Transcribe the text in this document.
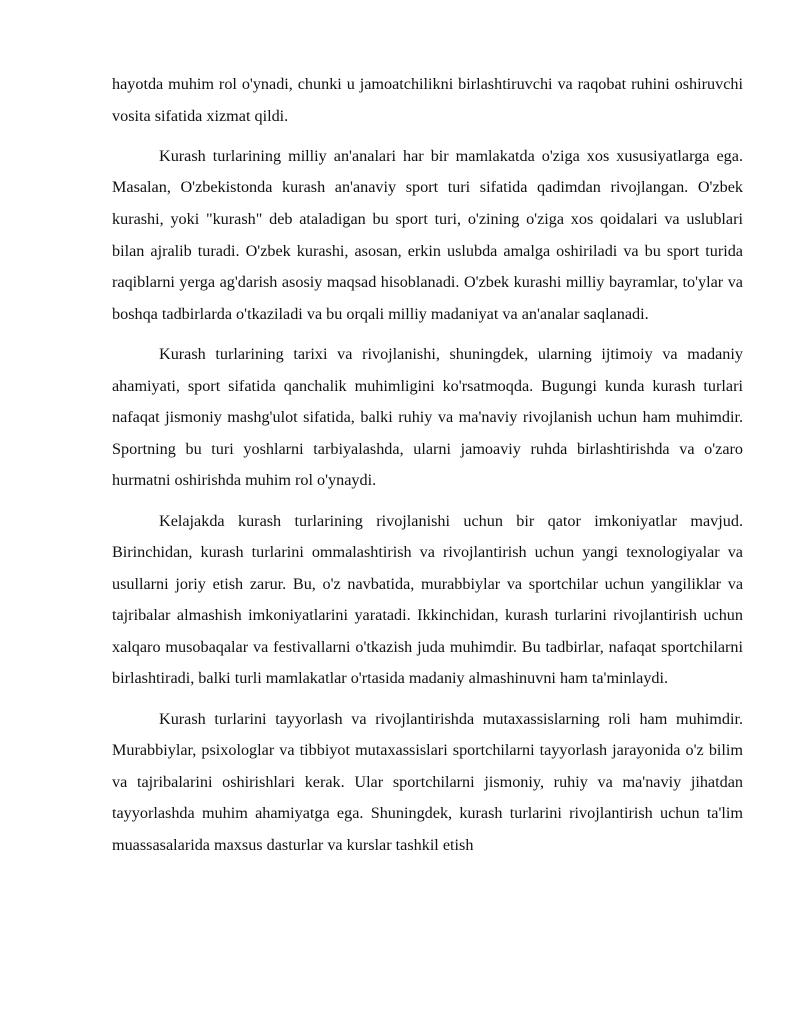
hayotda muhim rol o'ynadi, chunki u jamoatchilikni birlashtiruvchi va raqobat ruhini oshiruvchi vosita sifatida xizmat qildi.

Kurash turlarining milliy an'analari har bir mamlakatda o'ziga xos xususiyatlarga ega. Masalan, O'zbekistonda kurash an'anaviy sport turi sifatida qadimdan rivojlangan. O'zbek kurashi, yoki "kurash" deb ataladigan bu sport turi, o'zining o'ziga xos qoidalari va uslublari bilan ajralib turadi. O'zbek kurashi, asosan, erkin uslubda amalga oshiriladi va bu sport turida raqiblarni yerga ag'darish asosiy maqsad hisoblanadi. O'zbek kurashi milliy bayramlar, to'ylar va boshqa tadbirlarda o'tkaziladi va bu orqali milliy madaniyat va an'analar saqlanadi.

Kurash turlarining tarixi va rivojlanishi, shuningdek, ularning ijtimoiy va madaniy ahamiyati, sport sifatida qanchalik muhimligini ko'rsatmoqda. Bugungi kunda kurash turlari nafaqat jismoniy mashg'ulot sifatida, balki ruhiy va ma'naviy rivojlanish uchun ham muhimdir. Sportning bu turi yoshlarni tarbiyalashda, ularni jamoaviy ruhda birlashtirishda va o'zaro hurmatni oshirishda muhim rol o'ynaydi.

Kelajakda kurash turlarining rivojlanishi uchun bir qator imkoniyatlar mavjud. Birinchidan, kurash turlarini ommalashtirish va rivojlantirish uchun yangi texnologiyalar va usullarni joriy etish zarur. Bu, o'z navbatida, murabbiylar va sportchilar uchun yangiliklar va tajribalar almashish imkoniyatlarini yaratadi. Ikkinchidan, kurash turlarini rivojlantirish uchun xalqaro musobaqalar va festivallarni o'tkazish juda muhimdir. Bu tadbirlar, nafaqat sportchilarni birlashtiradi, balki turli mamlakatlar o'rtasida madaniy almashinuvni ham ta'minlaydi.

Kurash turlarini tayyorlash va rivojlantirishda mutaxassislarning roli ham muhimdir. Murabbiylar, psixologlar va tibbiyot mutaxassislari sportchilarni tayyorlash jarayonida o'z bilim va tajribalarini oshirishlari kerak. Ular sportchilarni jismoniy, ruhiy va ma'naviy jihatdan tayyorlashda muhim ahamiyatga ega. Shuningdek, kurash turlarini rivojlantirish uchun ta'lim muassasalarida maxsus dasturlar va kurslar tashkil etish
